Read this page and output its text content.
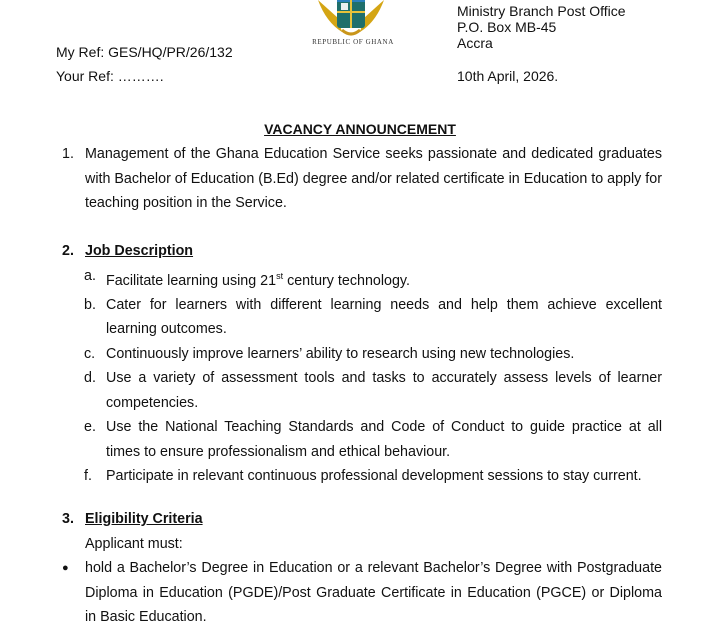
REPUBLIC OF GHANA
Ministry Branch Post Office
P.O. Box MB-45
Accra
My Ref: GES/HQ/PR/26/132
Your Ref: ……….	10th April, 2026.
VACANCY ANNOUNCEMENT
1. Management of the Ghana Education Service seeks passionate and dedicated graduates with Bachelor of Education (B.Ed) degree and/or related certificate in Education to apply for teaching position in the Service.
2. Job Description
a. Facilitate learning using 21st century technology.
b. Cater for learners with different learning needs and help them achieve excellent learning outcomes.
c. Continuously improve learners’ ability to research using new technologies.
d. Use a variety of assessment tools and tasks to accurately assess levels of learner competencies.
e. Use the National Teaching Standards and Code of Conduct to guide practice at all times to ensure professionalism and ethical behaviour.
f. Participate in relevant continuous professional development sessions to stay current.
3. Eligibility Criteria
Applicant must:
● hold a Bachelor’s Degree in Education or a relevant Bachelor’s Degree with Postgraduate Diploma in Education (PGDE)/Post Graduate Certificate in Education (PGCE) or Diploma in Basic Education.
